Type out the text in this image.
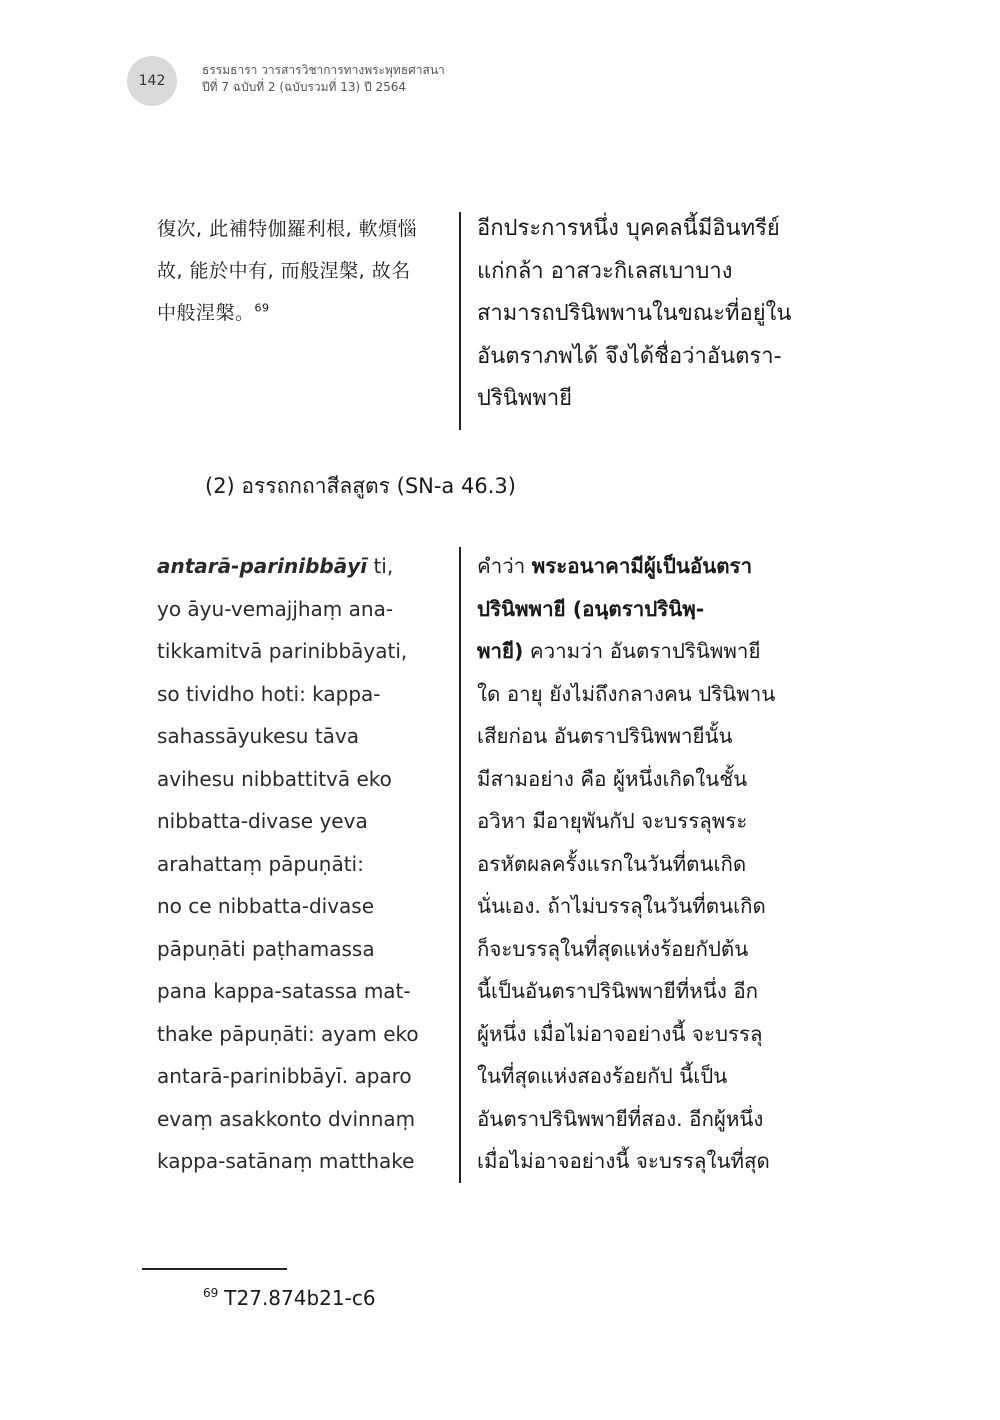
142
ธรรมธารา วารสารวิชาการทางพระพุทธศาสนา
ปีที่ 7 ฉบับที่ 2 (ฉบับรวมที่ 13) ปี 2564
復次, 此補特伽羅利根, 軟煩惱
故, 能於中有, 而般涅槃, 故名
中般涅槃。$^{69}$
อีกประการหนึ่ง บุคคลนี้มีอินทรีย์
แก่กล้า อาสวะกิเลสเบาบาง
สามารถปรินิพพานในขณะที่อยู่ใน
อันตราภพได้ จึงได้ชื่อว่าอันตรา-
ปรินิพพายี
(2) อรรถกถาสีลสูตร (SN-a 46.3)
antarā-parinibbāyī ti,
yo āyu-vemajjhaṃ ana-
tikkamitvā parinibbāyati,
so tividho hoti: kappa-
sahassāyukesu tāva
avihesu nibbattitvā eko
nibbatta-divase yeva
arahattaṃ pāpuṇāti:
no ce nibbatta-divase
pāpuṇāti paṭhamassa
pana kappa-satassa mat-
thake pāpuṇāti: ayam eko
antarā-parinibbāyī. aparo
evaṃ asakkonto dvinnaṃ
kappa-satānaṃ matthake
คำว่า พระอนาคามีผู้เป็นอันตรา
ปรินิพพายี (อนฺตราปรินิพฺ-
พายี) ความว่า อันตราปรินิพพายี
ใด อายุ ยังไม่ถึงกลางคน ปรินิพาน
เสียก่อน อันตราปรินิพพายีนั้น
มีสามอย่าง คือ ผู้หนึ่งเกิดในชั้น
อวิหา มีอายุพันกัป จะบรรลุพระ
อรหัตผลครั้งแรกในวันที่ตนเกิด
นั่นเอง. ถ้าไม่บรรลุในวันที่ตนเกิด
ก็จะบรรลุในที่สุดแห่งร้อยกัปต้น
นี้เป็นอันตราปรินิพพายีที่หนึ่ง อีก
ผู้หนึ่ง เมื่อไม่อาจอย่างนี้ จะบรรลุ
ในที่สุดแห่งสองร้อยกัป นี้เป็น
อันตราปรินิพพายีที่สอง. อีกผู้หนึ่ง
เมื่อไม่อาจอย่างนี้ จะบรรลุในที่สุด
$^{69}$ T27.874b21-c6
